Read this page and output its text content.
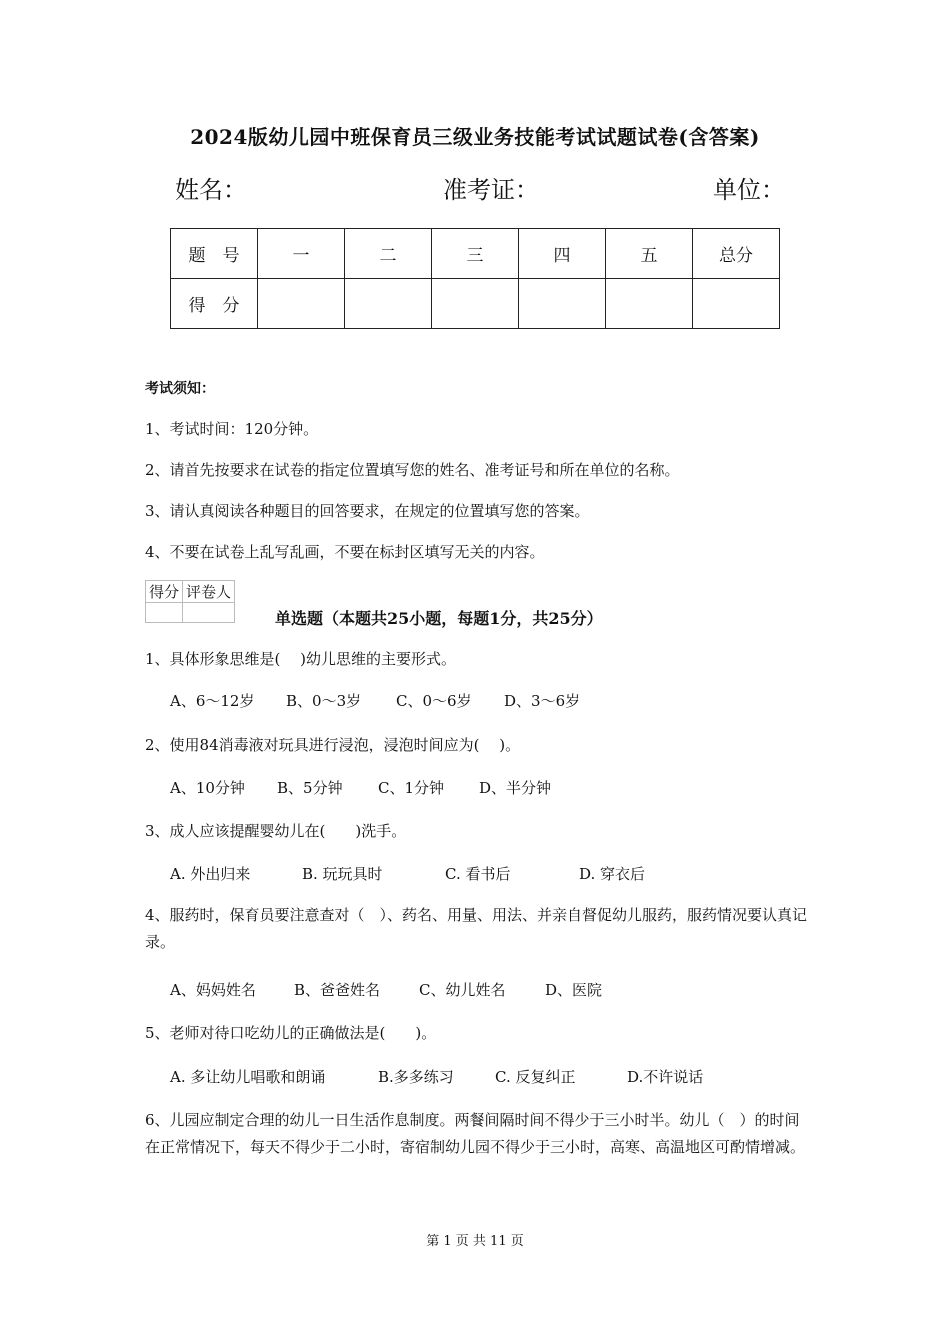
2024版幼儿园中班保育员三级业务技能考试试题试卷(含答案)
姓名：	准考证：	单位：
题　号	一	二	三	四	五	总分
得　分						
考试须知：
1、考试时间：120分钟。
2、请首先按要求在试卷的指定位置填写您的姓名、准考证号和所在单位的名称。
3、请认真阅读各种题目的回答要求，在规定的位置填写您的答案。
4、不要在试卷上乱写乱画，不要在标封区填写无关的内容。
得分	评卷人

单选题（本题共25小题，每题1分，共25分）
1、具体形象思维是(　 )幼儿思维的主要形式。
A、6～12岁 B、0～3岁 C、0～6岁 D、3～6岁
2、使用84消毒液对玩具进行浸泡，浸泡时间应为(　 )。
A、10分钟 B、5分钟 C、1分钟 D、半分钟
3、成人应该提醒婴幼儿在(　　)洗手。
A. 外出归来	B. 玩玩具时	C. 看书后	D. 穿衣后
4、服药时，保育员要注意查对（　）、药名、用量、用法、并亲自督促幼儿服药，服药情况要认真记录。
A、妈妈姓名	B、爸爸姓名	C、幼儿姓名	D、医院
5、老师对待口吃幼儿的正确做法是(　　)。
A. 多让幼儿唱歌和朗诵	B.多多练习	C. 反复纠正	D.不许说话
6、儿园应制定合理的幼儿一日生活作息制度。两餐间隔时间不得少于三小时半。幼儿（　）的时间在正常情况下，每天不得少于二小时，寄宿制幼儿园不得少于三小时，高寒、高温地区可酌情增减。
第 1 页 共 11 页
